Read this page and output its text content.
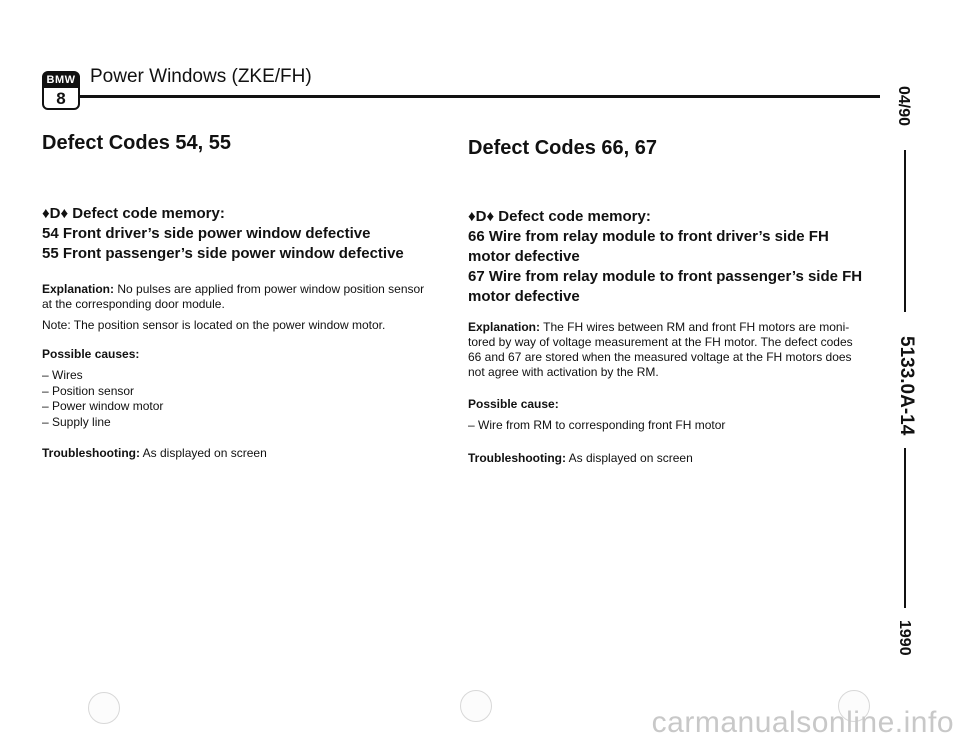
BMW
8
Power Windows (ZKE/FH)
Defect Codes 54, 55
♦D♦ Defect code memory:
54 Front driver’s side power window defective
55 Front passenger’s side power window defective
Explanation: No pulses are applied from power window position sensor
at the corresponding door module.
Note: The position sensor is located on the power window motor.
Possible causes:
– Wires
– Position sensor
– Power window motor
– Supply line
Troubleshooting: As displayed on screen
Defect Codes 66, 67
♦D♦ Defect code memory:
66 Wire from relay module to front driver’s side FH
motor defective
67 Wire from relay module to front passenger’s side FH
motor defective
Explanation: The FH wires between RM and front FH motors are moni-
tored by way of voltage measurement at the FH motor. The defect codes
66 and 67 are stored when the measured voltage at the FH motors does
not agree with activation by the RM.
Possible cause:
– Wire from RM to corresponding front FH motor
Troubleshooting: As displayed on screen
04/90
5133.0A-14
1990
carmanualsonline.info
